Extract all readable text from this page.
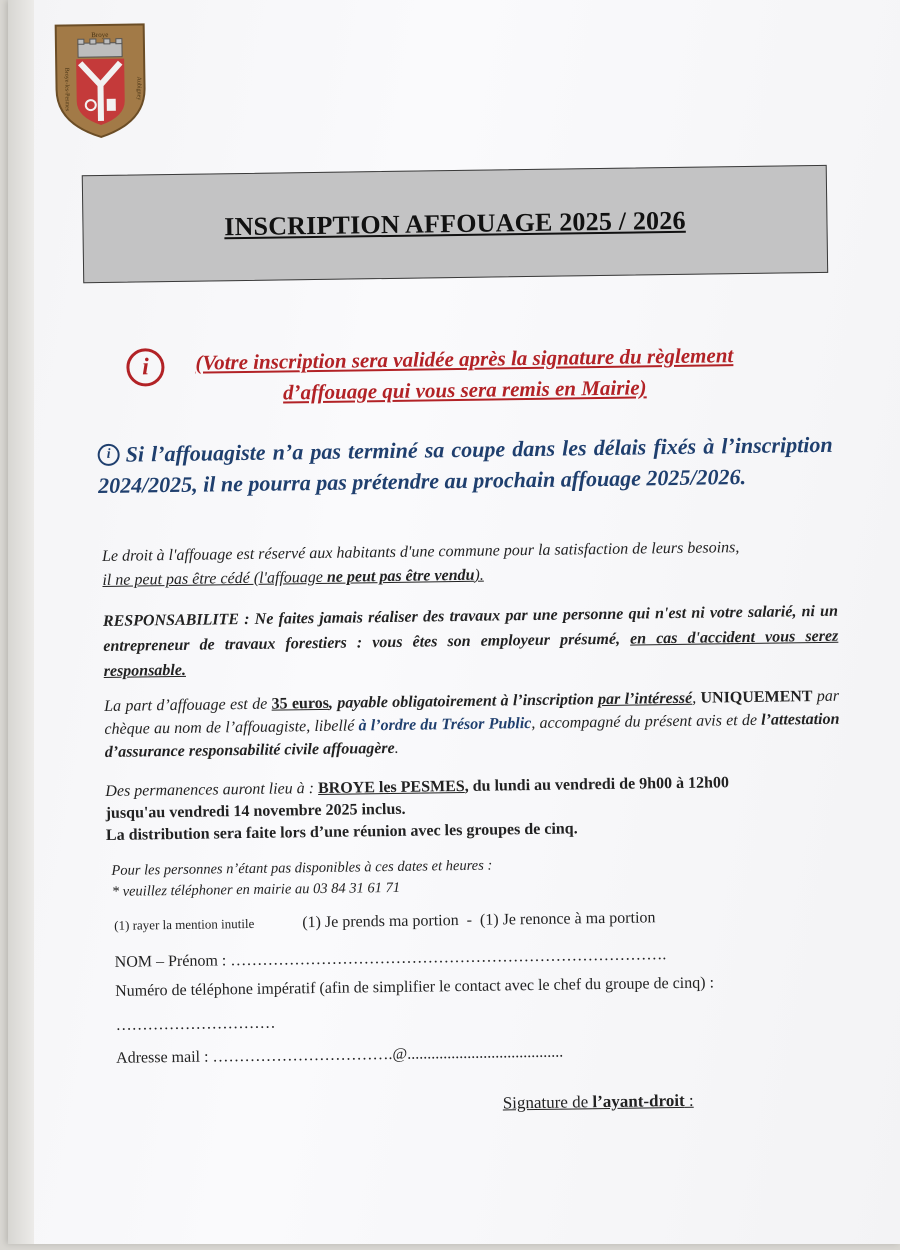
Broye
Broye-les-Pesmes	Aubigney
INSCRIPTION AFFOUAGE 2025 / 2026
i	(Votre inscription sera validée après la signature du règlement
d’affouage qui vous sera remis en Mairie)
i Si l’affouagiste n’a pas terminé sa coupe dans les délais fixés à l’inscription 2024/2025, il ne pourra pas prétendre au prochain affouage 2025/2026.
Le droit à l'affouage est réservé aux habitants d'une commune pour la satisfaction de leurs besoins,
il ne peut pas être cédé (l'affouage ne peut pas être vendu).
RESPONSABILITE : Ne faites jamais réaliser des travaux par une personne qui n'est ni votre salarié, ni un entrepreneur de travaux forestiers : vous êtes son employeur présumé, en cas d'accident vous serez responsable.
La part d’affouage est de 35 euros, payable obligatoirement à l’inscription par l’intéressé, UNIQUEMENT par chèque au nom de l’affouagiste, libellé à l’ordre du Trésor Public, accompagné du présent avis et de l’attestation d’assurance responsabilité civile affouagère.
Des permanences auront lieu à : BROYE les PESMES, du lundi au vendredi de 9h00 à 12h00
jusqu'au vendredi 14 novembre 2025 inclus.
La distribution sera faite lors d’une réunion avec les groupes de cinq.
Pour les personnes n’étant pas disponibles à ces dates et heures :
* veuillez téléphoner en mairie au 03 84 31 61 71
(1) rayer la mention inutile	(1) Je prends ma portion - (1) Je renonce à ma portion
NOM – Prénom : ……………………………………………………………………….
Numéro de téléphone impératif (afin de simplifier le contact avec le chef du groupe de cinq) :
…………………………
Adresse mail : …………………………….@.......................................
Signature de l’ayant-droit :
